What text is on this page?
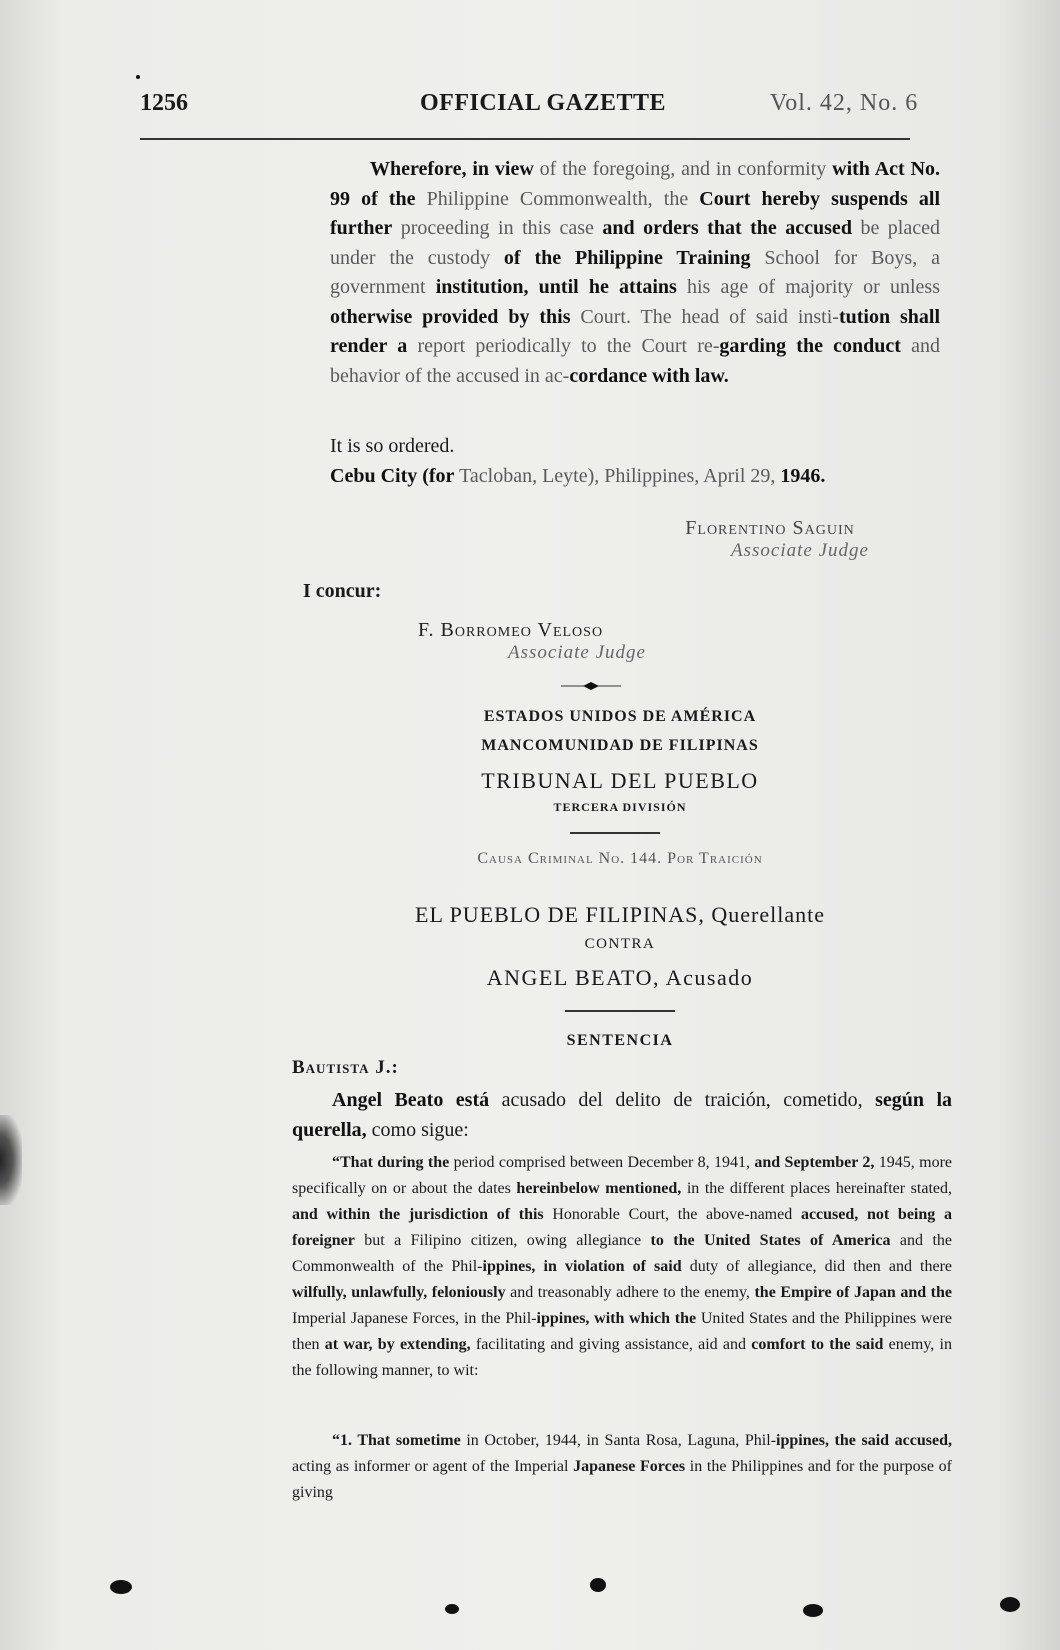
1256	OFFICIAL GAZETTE	Vol. 42, No. 6

Wherefore, in view of the foregoing, and in conformity with Act No. 99 of the Philippine Commonwealth, the Court hereby suspends all further proceeding in this case and orders that the accused be placed under the custody of the Philippine Training School for Boys, a government institution, until he attains his age of majority or unless otherwise provided by this Court. The head of said insti-tution shall render a report periodically to the Court re-garding the conduct and behavior of the accused in ac-cordance with law.

It is so ordered.

Cebu City (for Tacloban, Leyte), Philippines, April 29, 1946.

Florentino Saguin
Associate Judge
I concur:
F. Borromeo Veloso
Associate Judge
ESTADOS UNIDOS DE AMÉRICA
MANCOMUNIDAD DE FILIPINAS
TRIBUNAL DEL PUEBLO
TERCERA DIVISIÓN
Causa Criminal No. 144. Por Traición
EL PUEBLO DE FILIPINAS, Querellante
CONTRA
ANGEL BEATO, Acusado
SENTENCIA
Bautista J.:

Angel Beato está acusado del delito de traición, cometido, según la querella, como sigue:

“That during the period comprised between December 8, 1941, and September 2, 1945, more specifically on or about the dates hereinbelow mentioned, in the different places hereinafter stated, and within the jurisdiction of this Honorable Court, the above-named accused, not being a foreigner but a Filipino citizen, owing allegiance to the United States of America and the Commonwealth of the Phil-ippines, in violation of said duty of allegiance, did then and there wilfully, unlawfully, feloniously and treasonably adhere to the enemy, the Empire of Japan and the Imperial Japanese Forces, in the Phil-ippines, with which the United States and the Philippines were then at war, by extending, facilitating and giving assistance, aid and comfort to the said enemy, in the following manner, to wit:

“1. That sometime in October, 1944, in Santa Rosa, Laguna, Phil-ippines, the said accused, acting as informer or agent of the Imperial Japanese Forces in the Philippines and for the purpose of giving
